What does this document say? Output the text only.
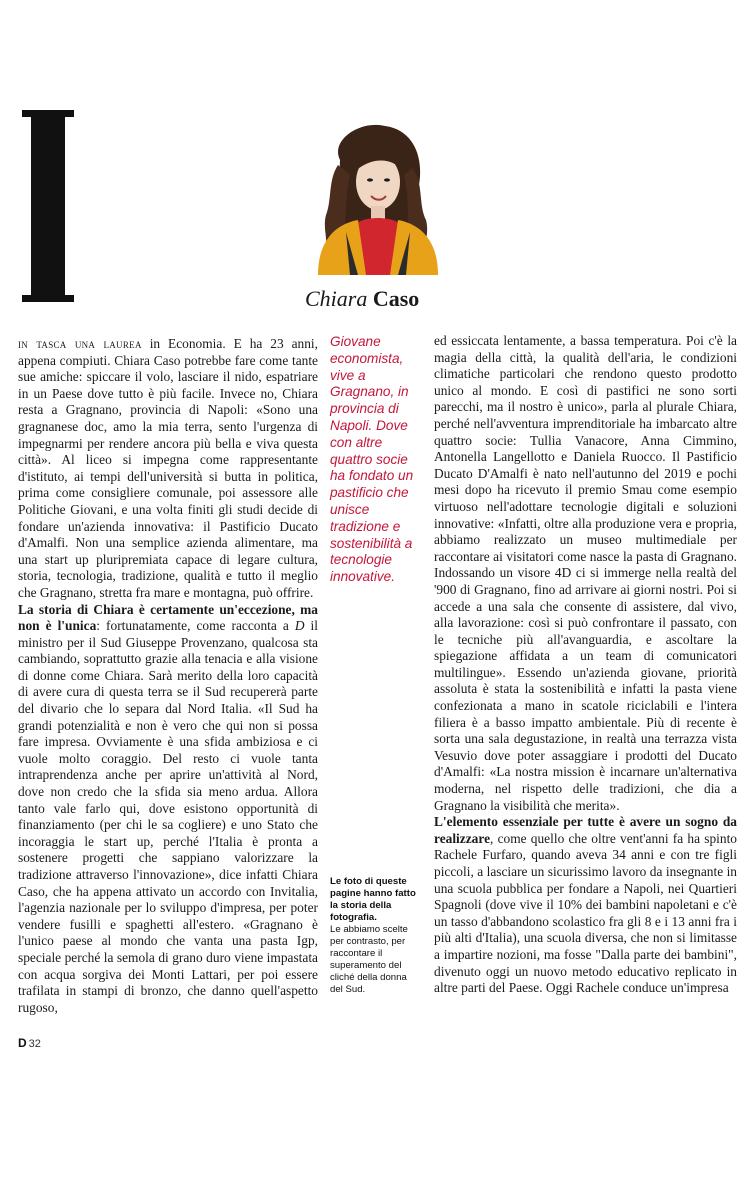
Chiara Caso

in tasca una laurea in Economia. E ha 23 anni, appena compiuti. Chiara Caso potrebbe fare come tante sue amiche: spiccare il volo, lasciare il nido, espatriare in un Paese dove tutto è più facile. Invece no, Chiara resta a Gragnano, provincia di Napoli: «Sono una gragnanese doc, amo la mia terra, sento l'urgenza di impegnarmi per rendere ancora più bella e viva questa città». Al liceo si impegna come rappresentante d'istituto, ai tempi dell'università si butta in politica, prima come consigliere comunale, poi assessore alle Politiche Giovani, e una volta finiti gli studi decide di fondare un'azienda innovativa: il Pastificio Ducato d'Amalfi. Non una semplice azienda alimentare, ma una start up pluripremiata capace di legare cultura, storia, tecnologia, tradizione, qualità e tutto il meglio che Gragnano, stretta fra mare e montagna, può offrire.

La storia di Chiara è certamente un'eccezione, ma non è l'unica: fortunatamente, come racconta a D il ministro per il Sud Giuseppe Provenzano, qualcosa sta cambiando, soprattutto grazie alla tenacia e alla visione di donne come Chiara. Sarà merito della loro capacità di avere cura di questa terra se il Sud recupererà parte del divario che lo separa dal Nord Italia. «Il Sud ha grandi potenzialità e non è vero che qui non si possa fare impresa. Ovviamente è una sfida ambiziosa e ci vuole molto coraggio. Del resto ci vuole tanta intraprendenza anche per aprire un'attività al Nord, dove non credo che la sfida sia meno ardua. Allora tanto vale farlo qui, dove esistono opportunità di finanziamento (per chi le sa cogliere) e uno Stato che incoraggia le start up, perché l'Italia è pronta a sostenere progetti che sappiano valorizzare la tradizione attraverso l'innovazione», dice infatti Chiara Caso, che ha appena attivato un accordo con Invitalia, l'agenzia nazionale per lo sviluppo d'impresa, per poter vendere fusilli e spaghetti all'estero. «Gragnano è l'unico paese al mondo che vanta una pasta Igp, speciale perché la semola di grano duro viene impastata con acqua sorgiva dei Monti Lattari, per poi essere trafilata in stampi di bronzo, che danno quell'aspetto rugoso,

Giovane economista, vive a Gragnano, in provincia di Napoli. Dove con altre quattro socie ha fondato un pastificio che unisce tradizione e sostenibilità a tecnologie innovative.

Le foto di queste pagine hanno fatto la storia della fotografia.
Le abbiamo scelte per contrasto, per raccontare il superamento del cliché della donna del Sud.

ed essiccata lentamente, a bassa temperatura. Poi c'è la magia della città, la qualità dell'aria, le condizioni climatiche particolari che rendono questo prodotto unico al mondo. E così di pastifici ne sono sorti parecchi, ma il nostro è unico», parla al plurale Chiara, perché nell'avventura imprenditoriale ha imbarcato altre quattro socie: Tullia Vanacore, Anna Cimmino, Antonella Langellotto e Daniela Ruocco. Il Pastificio Ducato D'Amalfi è nato nell'autunno del 2019 e pochi mesi dopo ha ricevuto il premio Smau come esempio virtuoso nell'adottare tecnologie digitali e soluzioni innovative: «Infatti, oltre alla produzione vera e propria, abbiamo realizzato un museo multimediale per raccontare ai visitatori come nasce la pasta di Gragnano. Indossando un visore 4D ci si immerge nella realtà del '900 di Gragnano, fino ad arrivare ai giorni nostri. Poi si accede a una sala che consente di assistere, dal vivo, alla lavorazione: così si può confrontare il passato, con le tecniche più all'avanguardia, e ascoltare la spiegazione affidata a un team di comunicatori multilingue». Essendo un'azienda giovane, priorità assoluta è stata la sostenibilità e infatti la pasta viene confezionata a mano in scatole riciclabili e l'intera filiera è a basso impatto ambientale. Più di recente è sorta una sala degustazione, in realtà una terrazza vista Vesuvio dove poter assaggiare i prodotti del Ducato d'Amalfi: «La nostra mission è incarnare un'alternativa moderna, nel rispetto delle tradizioni, che dia a Gragnano la visibilità che merita».

L'elemento essenziale per tutte è avere un sogno da realizzare, come quello che oltre vent'anni fa ha spinto Rachele Furfaro, quando aveva 34 anni e con tre figli piccoli, a lasciare un sicurissimo lavoro da insegnante in una scuola pubblica per fondare a Napoli, nei Quartieri Spagnoli (dove vive il 10% dei bambini napoletani e c'è un tasso d'abbandono scolastico fra gli 8 e i 13 anni fra i più alti d'Italia), una scuola diversa, che non si limitasse a impartire nozioni, ma fosse "Dalla parte dei bambini", divenuto oggi un nuovo metodo educativo replicato in altre parti del Paese. Oggi Rachele conduce un'impresa

D 32
